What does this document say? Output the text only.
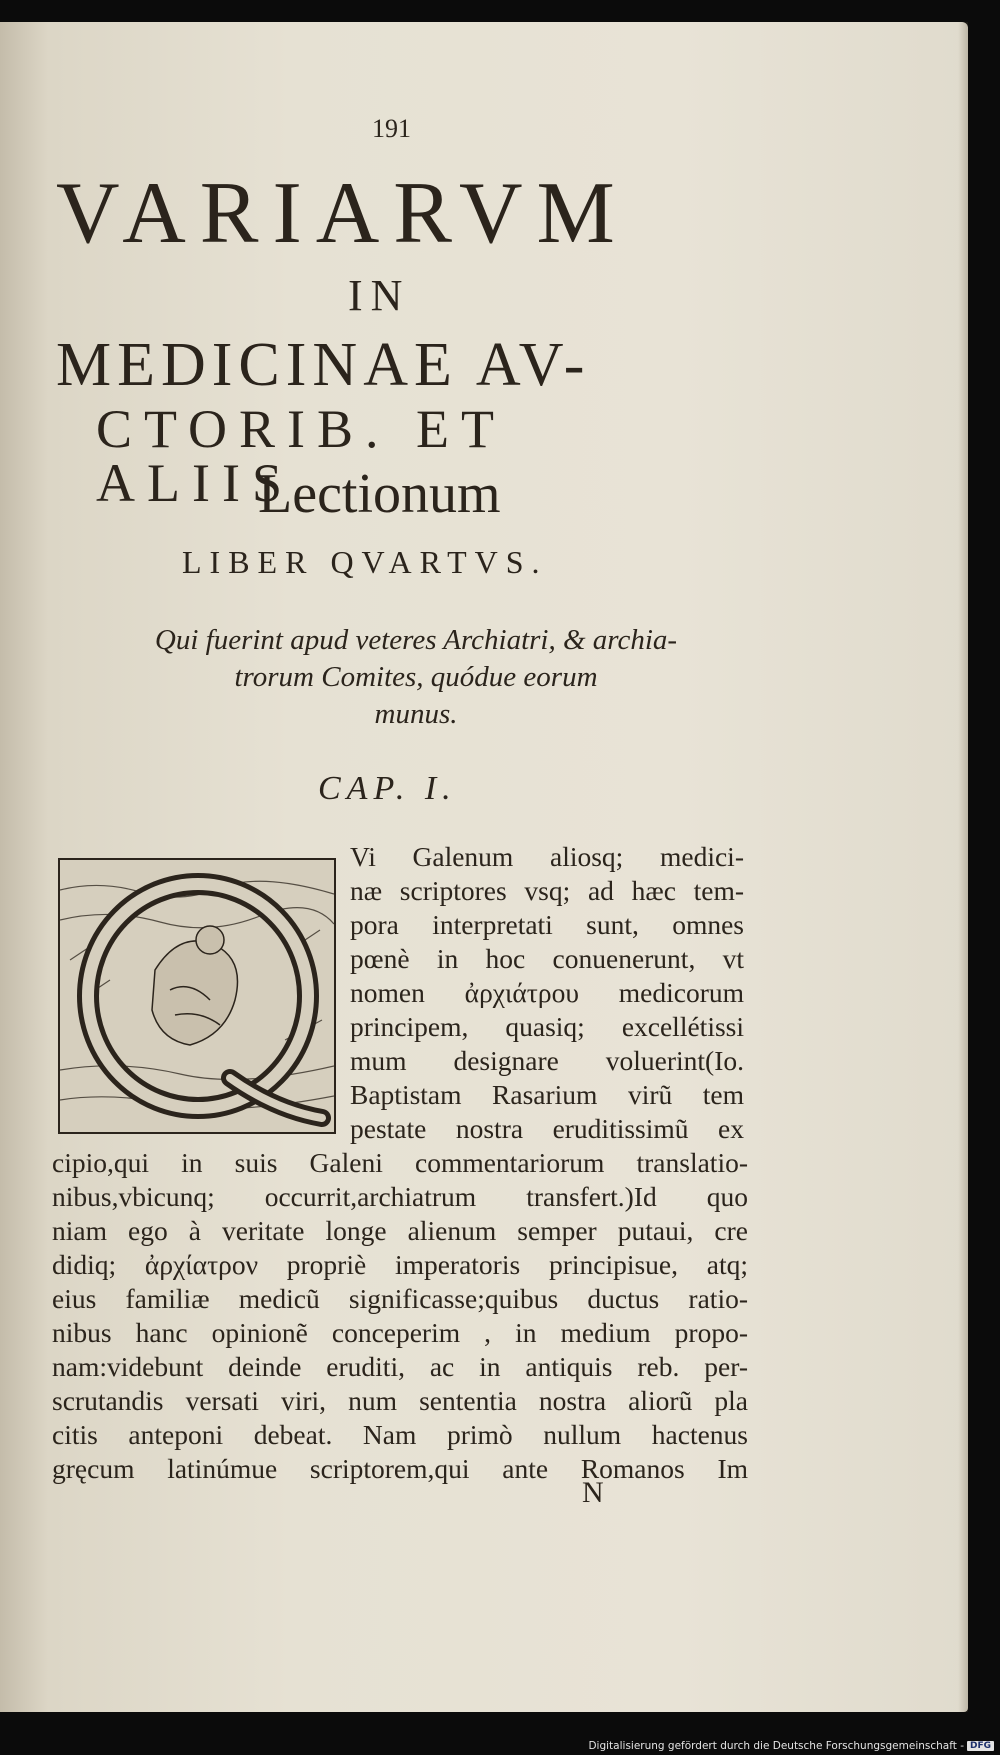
191
VARIARVM
IN
MEDICINAE AV-
CTORIB. ET ALIIS
Lectionum
LIBER QVARTVS.
Qui fuerint apud veteres Archiatri, & archia-
trorum Comites, quódue eorum
munus.
CAP. I.
Vi Galenum aliosq; medici-
næ scriptores vsq; ad hæc tem-
pora interpretati sunt, omnes
pœnè in hoc conuenerunt, vt
nomen ἀρχιάτρου medicorum
principem, quasiq; excellétissi
mum designare voluerint(Io.
Baptistam Rasarium virũ tem
pestate nostra eruditissimũ ex
cipio,qui in suis Galeni commentariorum translatio-
nibus,vbicunq; occurrit,archiatrum transfert.)Id quo
niam ego à veritate longe alienum semper putaui, cre
didiq; ἀρχίατρον propriè imperatoris principisue, atq;
eius familiæ medicũ significasse;quibus ductus ratio-
nibus hanc opinionẽ conceperim , in medium propo-
nam:videbunt deinde eruditi, ac in antiquis reb. per-
scrutandis versati viri, num sententia nostra aliorũ pla
citis anteponi debeat. Nam primò nullum hactenus
gręcum latinúmue scriptorem,qui ante Romanos Im
N
Digitalisierung gefördert durch die Deutsche Forschungsgemeinschaft - DFG
